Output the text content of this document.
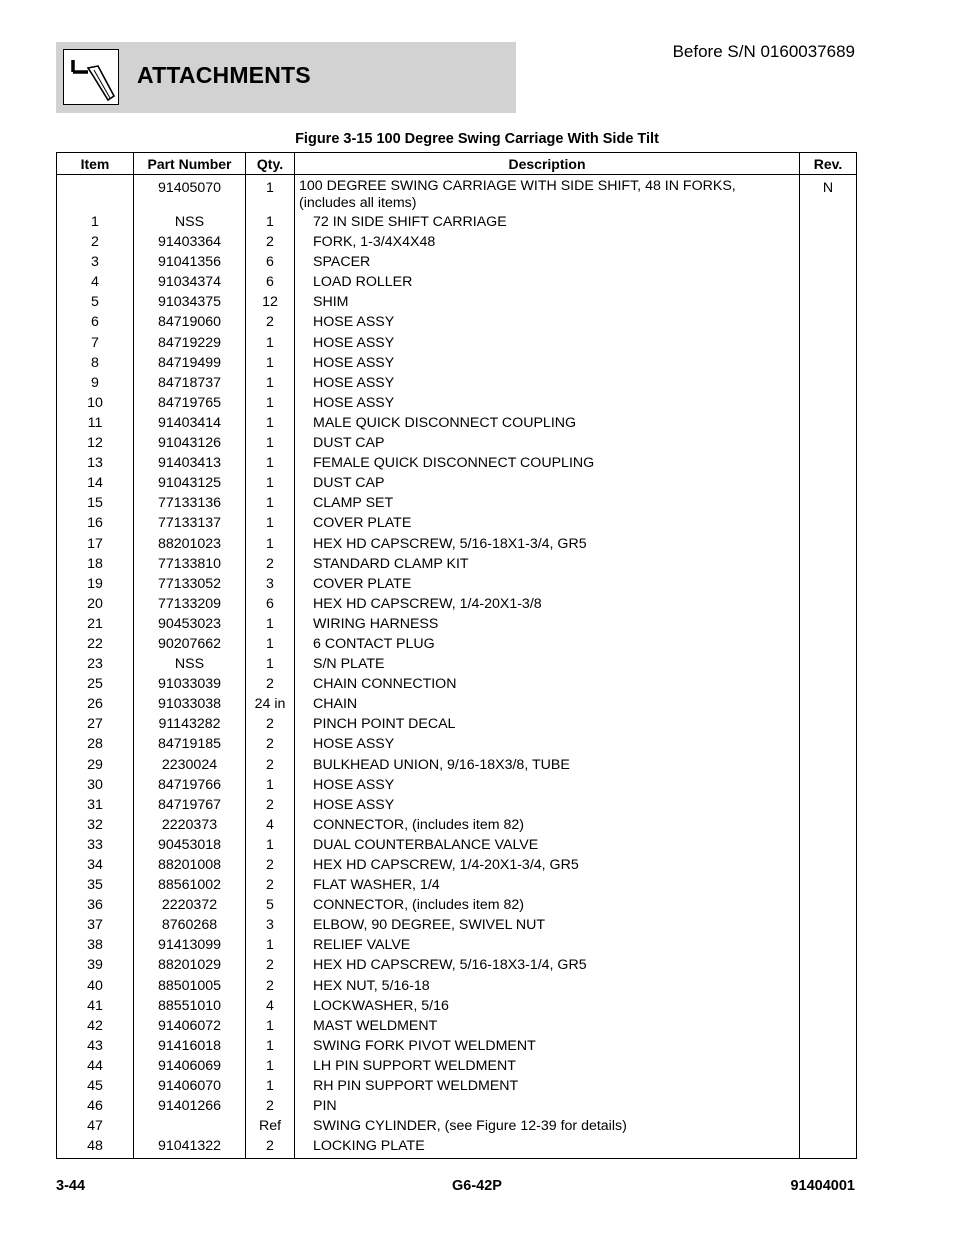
ATTACHMENTS
Before S/N 0160037689
Figure 3-15 100 Degree Swing Carriage With Side Tilt
Item	Part Number	Qty.	Description	Rev.
	91405070	1	100 DEGREE SWING CARRIAGE WITH SIDE SHIFT, 48 IN FORKS,
(includes all items)	N
1	NSS	1	72 IN SIDE SHIFT CARRIAGE	
2	91403364	2	FORK, 1-3/4X4X48	
3	91041356	6	SPACER	
4	91034374	6	LOAD ROLLER	
5	91034375	12	SHIM	
6	84719060	2	HOSE ASSY	
7	84719229	1	HOSE ASSY	
8	84719499	1	HOSE ASSY	
9	84718737	1	HOSE ASSY	
10	84719765	1	HOSE ASSY	
11	91403414	1	MALE QUICK DISCONNECT COUPLING	
12	91043126	1	DUST CAP	
13	91403413	1	FEMALE QUICK DISCONNECT COUPLING	
14	91043125	1	DUST CAP	
15	77133136	1	CLAMP SET	
16	77133137	1	COVER PLATE	
17	88201023	1	HEX HD CAPSCREW, 5/16-18X1-3/4, GR5	
18	77133810	2	STANDARD CLAMP KIT	
19	77133052	3	COVER PLATE	
20	77133209	6	HEX HD CAPSCREW, 1/4-20X1-3/8	
21	90453023	1	WIRING HARNESS	
22	90207662	1	6 CONTACT PLUG	
23	NSS	1	S/N PLATE	
25	91033039	2	CHAIN CONNECTION	
26	91033038	24 in	CHAIN	
27	91143282	2	PINCH POINT DECAL	
28	84719185	2	HOSE ASSY	
29	2230024	2	BULKHEAD UNION, 9/16-18X3/8, TUBE	
30	84719766	1	HOSE ASSY	
31	84719767	2	HOSE ASSY	
32	2220373	4	CONNECTOR, (includes item 82)	
33	90453018	1	DUAL COUNTERBALANCE VALVE	
34	88201008	2	HEX HD CAPSCREW, 1/4-20X1-3/4, GR5	
35	88561002	2	FLAT WASHER, 1/4	
36	2220372	5	CONNECTOR, (includes item 82)	
37	8760268	3	ELBOW, 90 DEGREE, SWIVEL NUT	
38	91413099	1	RELIEF VALVE	
39	88201029	2	HEX HD CAPSCREW, 5/16-18X3-1/4, GR5	
40	88501005	2	HEX NUT, 5/16-18	
41	88551010	4	LOCKWASHER, 5/16	
42	91406072	1	MAST WELDMENT	
43	91416018	1	SWING FORK PIVOT WELDMENT	
44	91406069	1	LH PIN SUPPORT WELDMENT	
45	91406070	1	RH PIN SUPPORT WELDMENT	
46	91401266	2	PIN	
47		Ref	SWING CYLINDER, (see Figure 12-39 for details)	
48	91041322	2	LOCKING PLATE	
3-44	G6-42P	91404001
